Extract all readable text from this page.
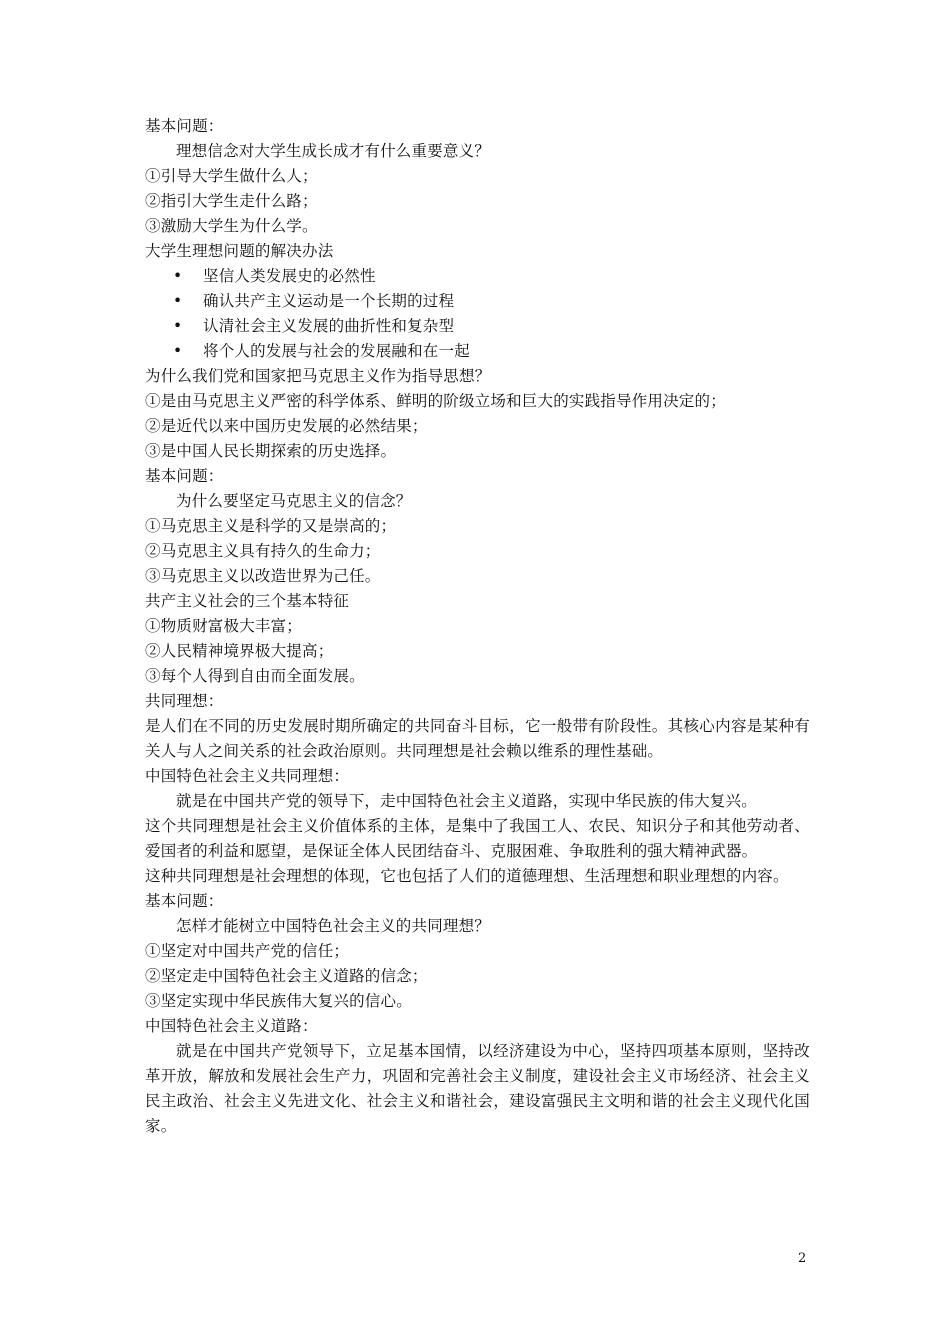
基本问题：
理想信念对大学生成长成才有什么重要意义？
①引导大学生做什么人；
②指引大学生走什么路；
③激励大学生为什么学。
大学生理想问题的解决办法
• 坚信人类发展史的必然性
• 确认共产主义运动是一个长期的过程
• 认清社会主义发展的曲折性和复杂型
• 将个人的发展与社会的发展融和在一起
为什么我们党和国家把马克思主义作为指导思想？
①是由马克思主义严密的科学体系、鲜明的阶级立场和巨大的实践指导作用决定的；
②是近代以来中国历史发展的必然结果；
③是中国人民长期探索的历史选择。
基本问题：
为什么要坚定马克思主义的信念？
①马克思主义是科学的又是崇高的；
②马克思主义具有持久的生命力；
③马克思主义以改造世界为己任。
共产主义社会的三个基本特征
①物质财富极大丰富；
②人民精神境界极大提高；
③每个人得到自由而全面发展。
共同理想：
是人们在不同的历史发展时期所确定的共同奋斗目标，它一般带有阶段性。其核心内容是某种有关人与人之间关系的社会政治原则。共同理想是社会赖以维系的理性基础。
中国特色社会主义共同理想：
就是在中国共产党的领导下，走中国特色社会主义道路，实现中华民族的伟大复兴。
这个共同理想是社会主义价值体系的主体，是集中了我国工人、农民、知识分子和其他劳动者、爱国者的利益和愿望，是保证全体人民团结奋斗、克服困难、争取胜利的强大精神武器。
这种共同理想是社会理想的体现，它也包括了人们的道德理想、生活理想和职业理想的内容。
基本问题：
怎样才能树立中国特色社会主义的共同理想？
①坚定对中国共产党的信任；
②坚定走中国特色社会主义道路的信念；
③坚定实现中华民族伟大复兴的信心。
中国特色社会主义道路：
就是在中国共产党领导下，立足基本国情，以经济建设为中心，坚持四项基本原则，坚持改革开放，解放和发展社会生产力，巩固和完善社会主义制度，建设社会主义市场经济、社会主义民主政治、社会主义先进文化、社会主义和谐社会，建设富强民主文明和谐的社会主义现代化国家。
2
